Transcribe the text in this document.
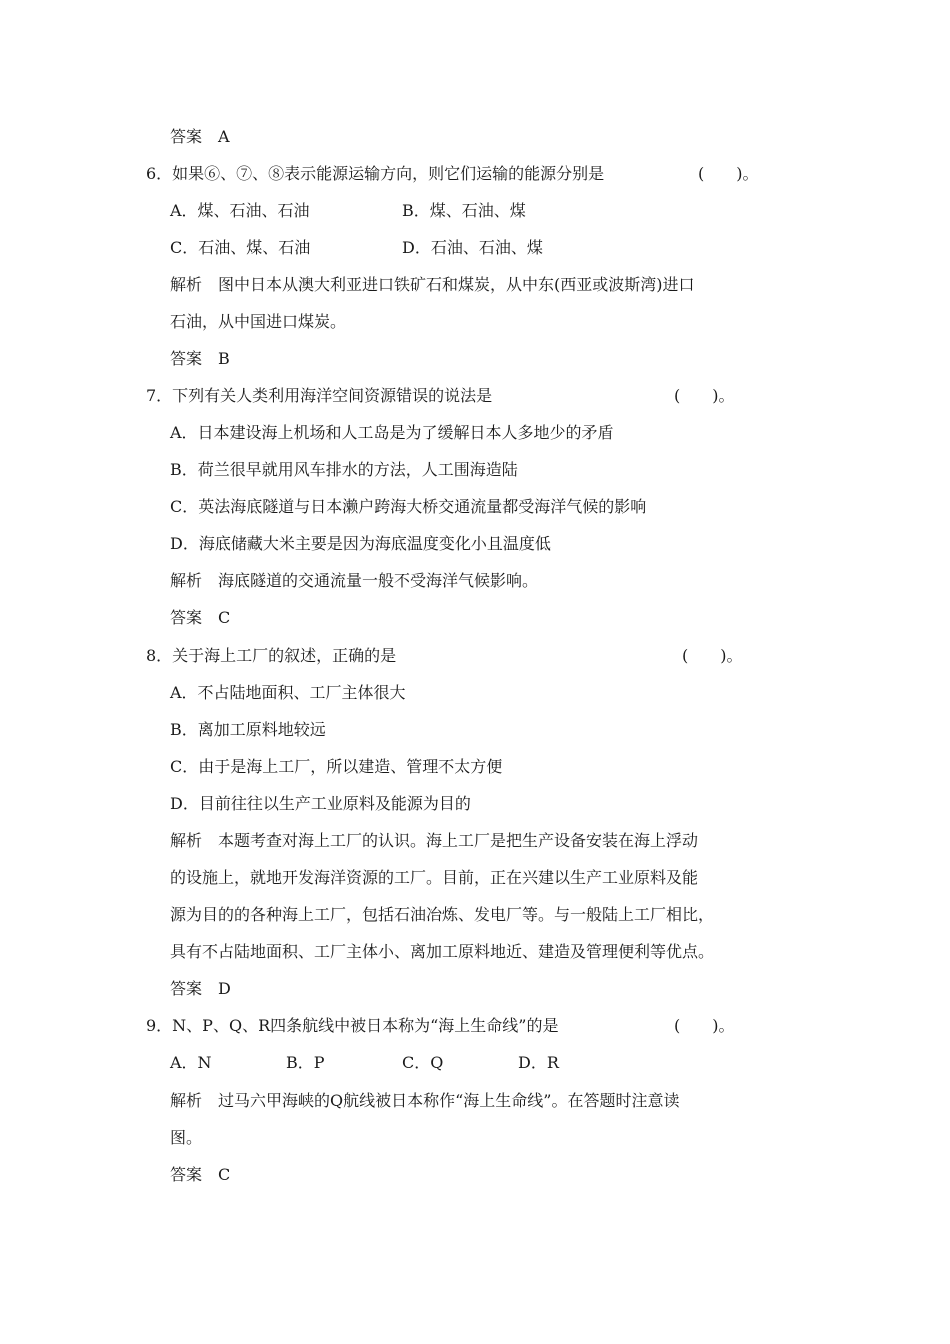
答案　A
6．如果⑥、⑦、⑧表示能源运输方向，则它们运输的能源分别是	(　　)。
A．煤、石油、石油	B．煤、石油、煤
C．石油、煤、石油	D．石油、石油、煤
解析　图中日本从澳大利亚进口铁矿石和煤炭，从中东(西亚或波斯湾)进口
石油，从中国进口煤炭。
答案　B
7．下列有关人类利用海洋空间资源错误的说法是	(　　)。
A．日本建设海上机场和人工岛是为了缓解日本人多地少的矛盾
B．荷兰很早就用风车排水的方法，人工围海造陆
C．英法海底隧道与日本濑户跨海大桥交通流量都受海洋气候的影响
D．海底储藏大米主要是因为海底温度变化小且温度低
解析　海底隧道的交通流量一般不受海洋气候影响。
答案　C
8．关于海上工厂的叙述，正确的是	(　　)。
A．不占陆地面积、工厂主体很大
B．离加工原料地较远
C．由于是海上工厂，所以建造、管理不太方便
D．目前往往以生产工业原料及能源为目的
解析　本题考查对海上工厂的认识。海上工厂是把生产设备安装在海上浮动
的设施上，就地开发海洋资源的工厂。目前，正在兴建以生产工业原料及能
源为目的的各种海上工厂，包括石油冶炼、发电厂等。与一般陆上工厂相比，
具有不占陆地面积、工厂主体小、离加工原料地近、建造及管理便利等优点。
答案　D
9．N、P、Q、R四条航线中被日本称为“海上生命线”的是	(　　)。
A．N	B．P	C．Q	D．R
解析　过马六甲海峡的Q航线被日本称作“海上生命线”。在答题时注意读
图。
答案　C
